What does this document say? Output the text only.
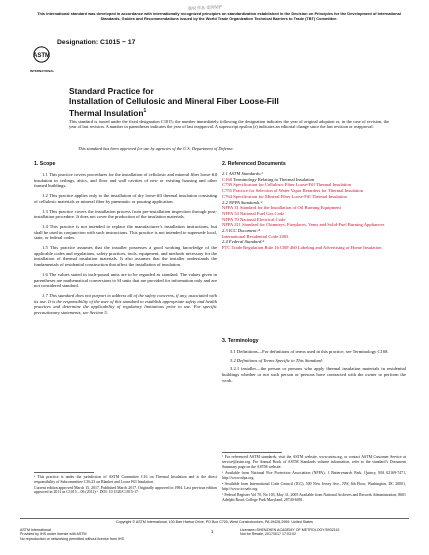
This international standard was developed in accordance with internationally recognized principles on standardization established in the Decision on Principles for the Development of International Standards, Guides and Recommendations issued by the World Trade Organization Technical Barriers to Trade (TBT) Committee.
版权 作品 受到保护
ASTM
INTERNATIONAL
Designation: C1015 − 17
Standard Practice for
Installation of Cellulosic and Mineral Fiber Loose-Fill
Thermal Insulation$^1$
This standard is issued under the fixed designation C1015; the number immediately following the designation indicates the year of original adoption or, in the case of revision, the year of last revision. A number in parentheses indicates the year of last reapproval. A superscript epsilon (ε) indicates an editorial change since the last revision or reapproval.
This standard has been approved for use by agencies of the U.S. Department of Defense.
1. Scope

1.1 This practice covers procedures for the installation of cellulosic and mineral fiber loose-fill insulation in ceilings, attics, and floor and wall cavities of new or existing housing and other framed buildings.

1.2 This practice applies only to the installation of dry loose-fill thermal insulation consisting of cellulosic materials or mineral fiber by pneumatic or pouring application.

1.3 This practice covers the installation process from pre-installation inspection through post-installation procedure. It does not cover the production of the insulation materials.

1.4 This practice is not intended to replace the manufacturer’s installation instructions, but shall be used in conjunction with such instructions. This practice is not intended to supersede local, state, or federal codes.

1.5 This practice assumes that the installer possesses a good working knowledge of the applicable codes and regulations, safety practices, tools, equipment, and methods necessary for the installation of thermal insulation materials. It also assumes that the installer understands the fundamentals of residential construction that affect the installation of insulation.

1.6 The values stated in inch-pound units are to be regarded as standard. The values given in parentheses are mathematical conversions to SI units that are provided for information only and are not considered standard.

1.7 This standard does not purport to address all of the safety concerns, if any, associated with its use. It is the responsibility of the user of this standard to establish appropriate safety and health practices and determine the applicability of regulatory limitations prior to use. For specific precautionary statements, see Section 5.

¹ This practice is under the jurisdiction of ASTM Committee C16 on Thermal Insulation and is the direct responsibility of Subcommittee C16.23 on Blanket and Loose Fill Insulation.
Current edition approved March 15, 2017. Published March 2017. Originally approved in 1984. Last previous edition approved in 2011 as C1015 – 06 (2011)ᵉ¹. DOI: 10.1520/C1015-17.
2. Referenced Documents
2.1 ASTM Standards:²
C168 Terminology Relating to Thermal Insulation
C739 Specification for Cellulosic Fiber Loose-Fill Thermal Insulation
C755 Practice for Selection of Water Vapor Retarders for Thermal Insulation
C764 Specification for Mineral Fiber Loose-Fill Thermal Insulation
2.2 NFPA Standards:³
NFPA 31 Standard for the Installation of Oil Burning Equipment
NFPA 54 National Fuel Gas Code
NFPA 70 National Electrical Code
NFPA 211 Standard for Chimneys, Fireplaces, Vents and Solid-Fuel Burning Appliances
2.3 ICC Document:⁴
International Residential Code 2003
2.4 Federal Standard:⁵
FTC Trade Regulation Rule 16 CRF 460 Labeling and Advertising of Home Insulation
3. Terminology

3.1 Definitions—For definitions of terms used in this practice, see Terminology C168.

3.2 Definitions of Terms Specific to This Standard:

3.2.1 installer—the person or persons who apply thermal insulation materials in residential buildings whether or not such person or persons have contracted with the owner to perform the work.

² For referenced ASTM standards, visit the ASTM website, www.astm.org, or contact ASTM Customer Service at service@astm.org. For Annual Book of ASTM Standards volume information, refer to the standard’s Document Summary page on the ASTM website.
³ Available from National Fire Protection Association (NFPA), 1 Batterymarch Park, Quincy, MA 02169-7471, http://www.nfpa.org.
⁴ Available from International Code Council (ICC), 500 New Jersey Ave., NW, 6th Floor, Washington, DC 20001, http://www.iccsafe.org.
⁵ Federal Register Vol 70, No 103, May 31, 2005 Available from National Archives and Records Administration, 8601 Adelphi Road, College Park Maryland, 20740-6001.
Copyright © ASTM International, 100 Barr Harbor Drive, PO Box C700, West Conshohocken, PA 19428-2959. United States
ASTM International
Provided by IHS under license with ASTM
No reproduction or networking permitted without license from IHS
1	Licensee=SHENZHEN ACADEMY OF METROLOGY/5932119
Not for Resale, 2017/5/17 17:03:02
